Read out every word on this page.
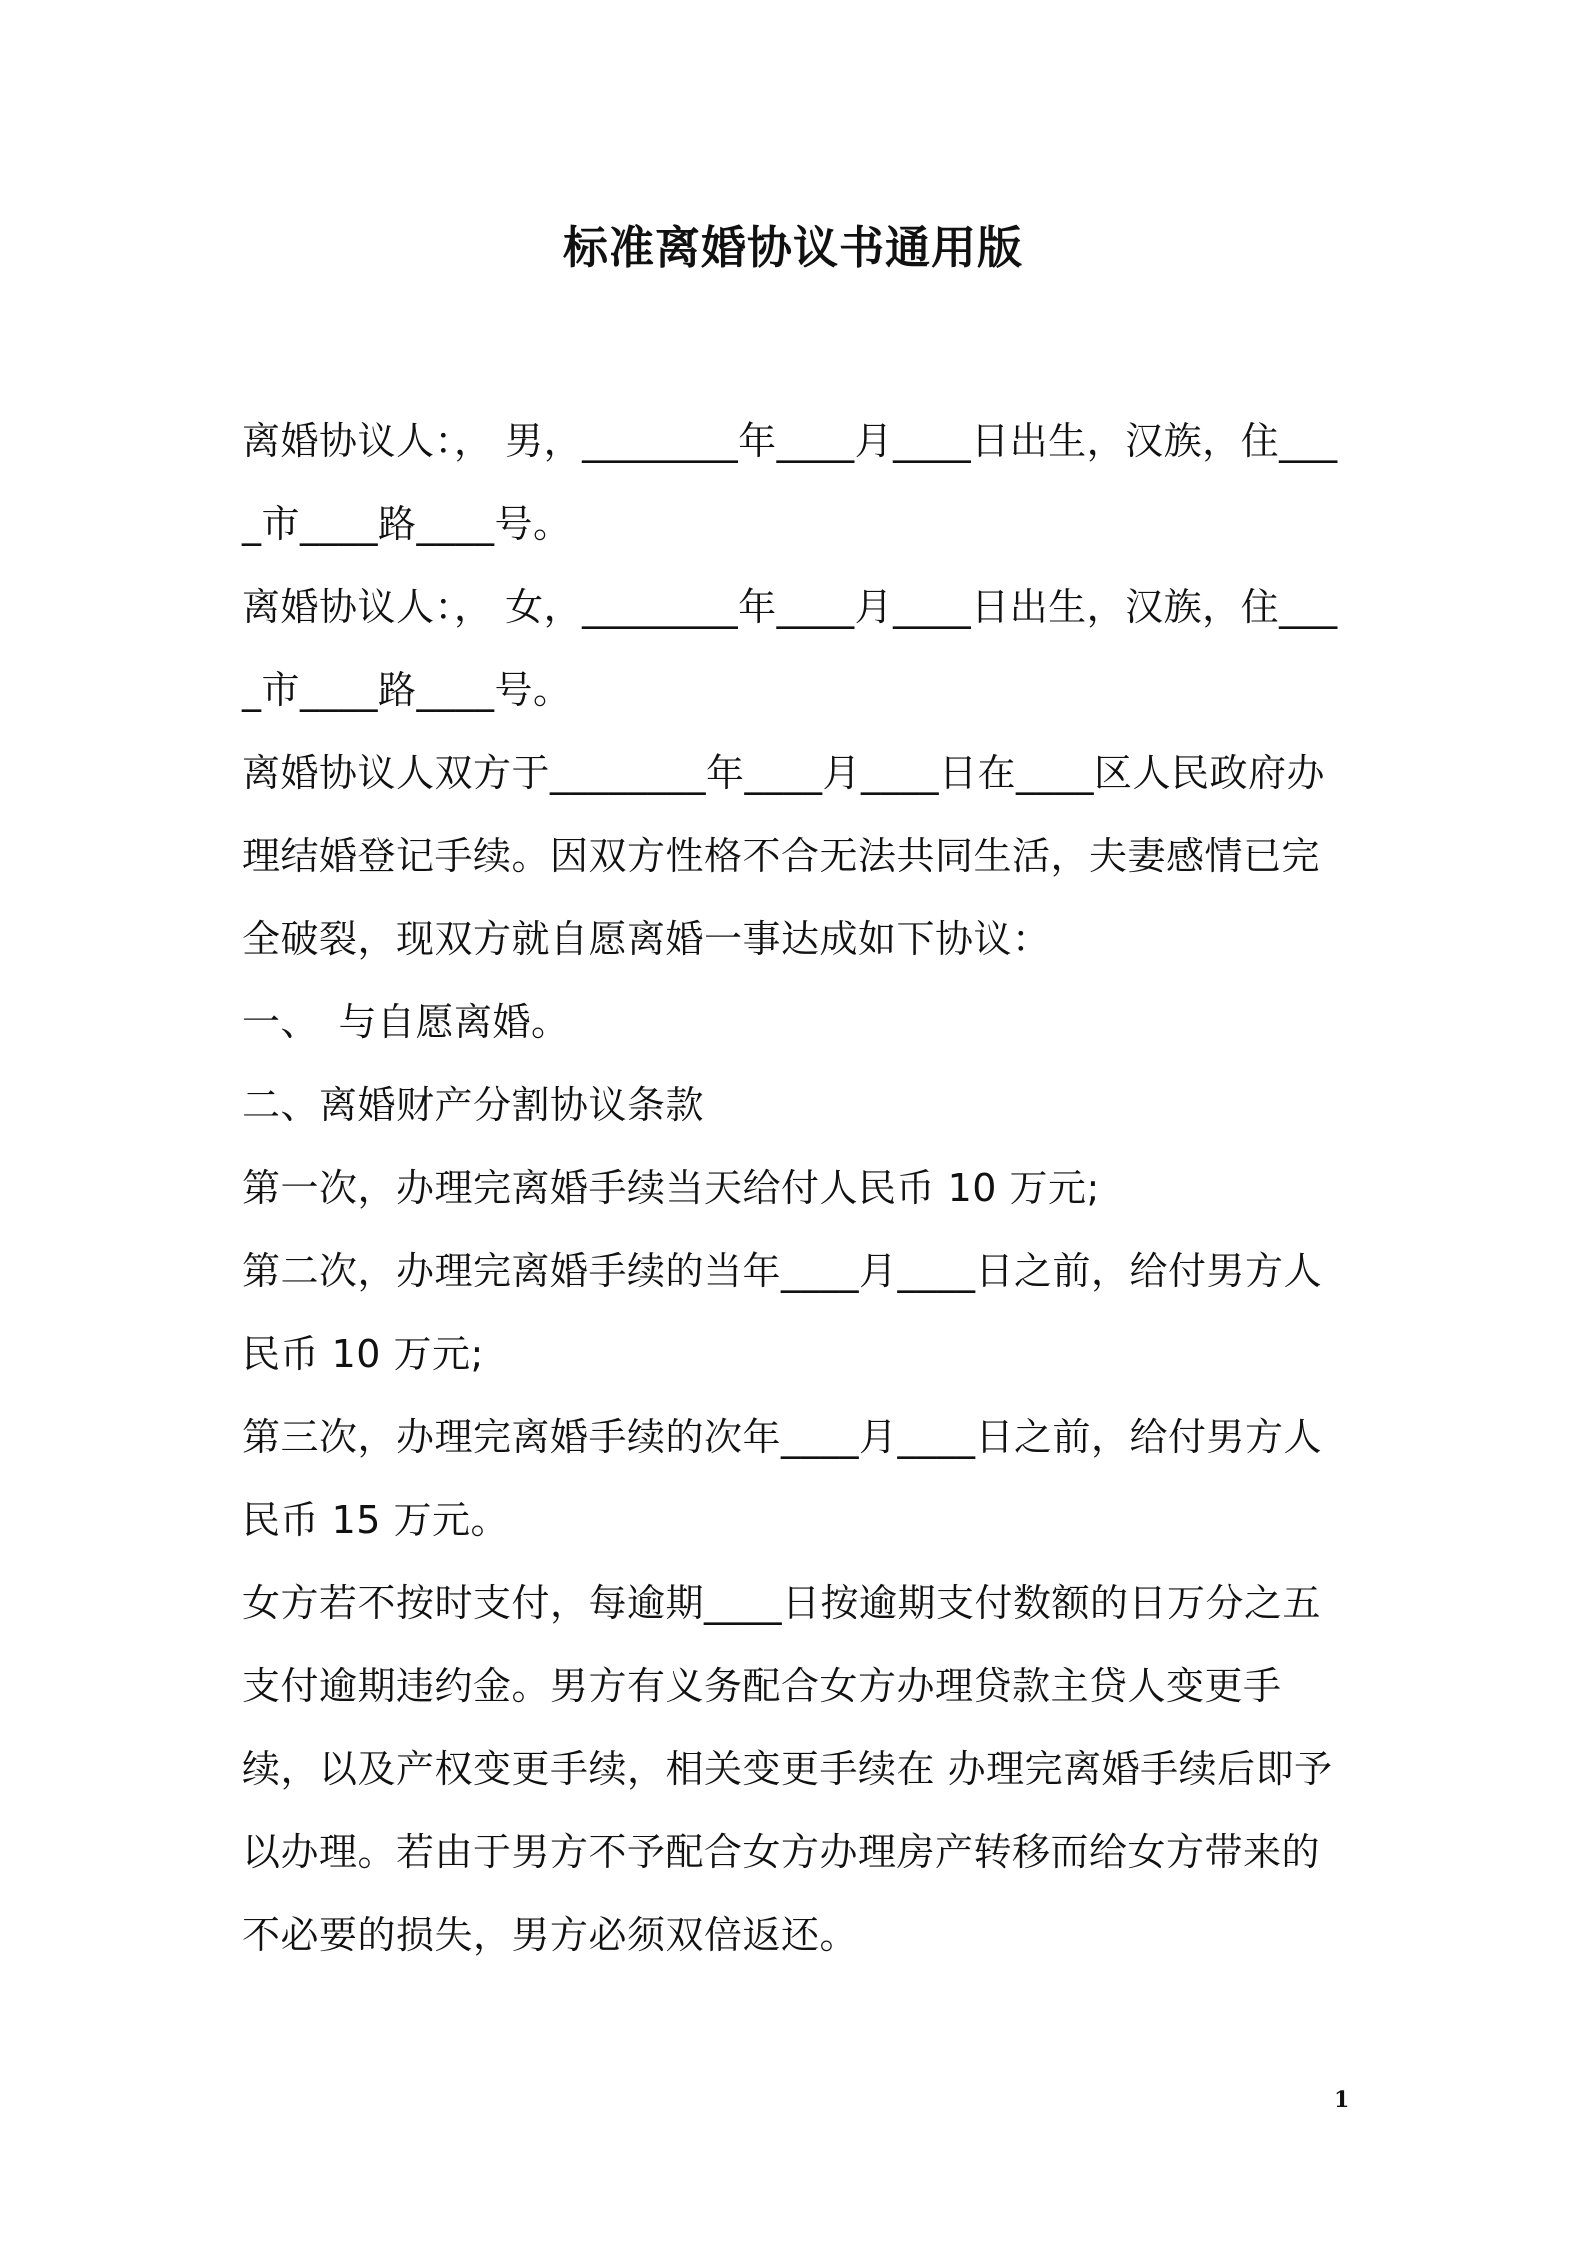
标准离婚协议书通用版

离婚协议人：， 男，________年____月____日出生，汉族，住____市____路____号。

离婚协议人：， 女，________年____月____日出生，汉族，住____市____路____号。

离婚协议人双方于________年____月____日在____区人民政府办理结婚登记手续。因双方性格不合无法共同生活，夫妻感情已完全破裂，现双方就自愿离婚一事达成如下协议：

一、　与自愿离婚。

二、离婚财产分割协议条款

第一次，办理完离婚手续当天给付人民币 10 万元;

第二次，办理完离婚手续的当年____月____日之前，给付男方人民币 10 万元;

第三次，办理完离婚手续的次年____月____日之前，给付男方人民币 15 万元。

女方若不按时支付，每逾期____日按逾期支付数额的日万分之五支付逾期违约金。男方有义务配合女方办理贷款主贷人变更手续，以及产权变更手续，相关变更手续在 办理完离婚手续后即予以办理。若由于男方不予配合女方办理房产转移而给女方带来的不必要的损失，男方必须双倍返还。

1
